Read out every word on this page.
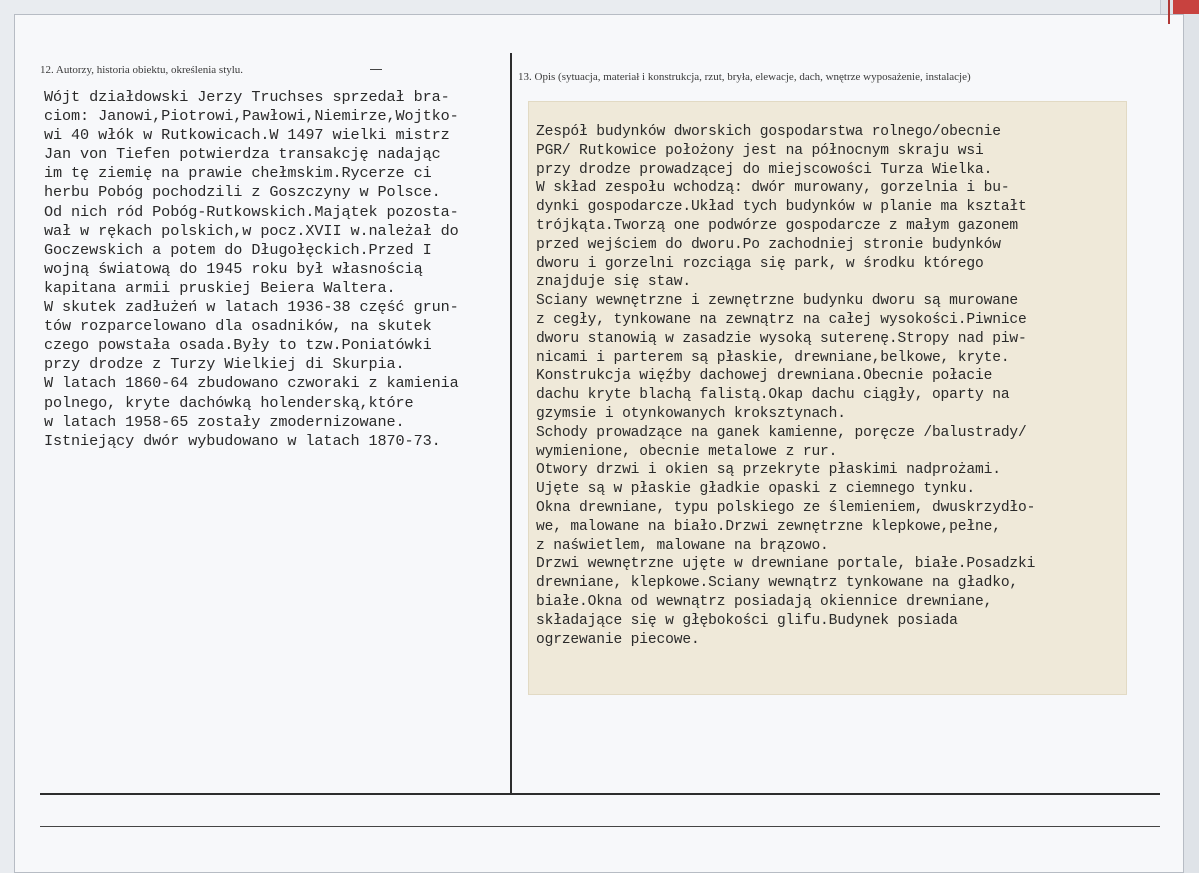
12. Autorzy, historia obiektu, określenia stylu.
13. Opis (sytuacja, materiał i konstrukcja, rzut, bryła, elewacje, dach, wnętrze wyposażenie, instalacje)
Wójt działdowski Jerzy Truchses sprzedał bra-
ciom: Janowi,Piotrowi,Pawłowi,Niemirze,Wojtko-
wi 40 włók w Rutkowicach.W 1497 wielki mistrz
Jan von Tiefen potwierdza transakcję nadając
im tę ziemię na prawie chełmskim.Rycerze ci
herbu Pobóg pochodzili z Goszczyny w Polsce.
Od nich ród Pobóg-Rutkowskich.Majątek pozosta-
wał w rękach polskich,w pocz.XVII w.należał do
Goczewskich a potem do Długołęckich.Przed I
wojną światową do 1945 roku był własnością
kapitana armii pruskiej Beiera Waltera.
W skutek zadłużeń w latach 1936-38 część grun-
tów rozparcelowano dla osadników, na skutek
czego powstała osada.Były to tzw.Poniatówki
przy drodze z Turzy Wielkiej di Skurpia.
W latach 1860-64 zbudowano czworaki z kamienia
polnego, kryte dachówką holenderską,które
w latach 1958-65 zostały zmodernizowane.
Istniejący dwór wybudowano w latach 1870-73.
Zespół budynków dworskich gospodarstwa rolnego/obecnie
PGR/ Rutkowice położony jest na północnym skraju wsi
przy drodze prowadzącej do miejscowości Turza Wielka.
W skład zespołu wchodzą: dwór murowany, gorzelnia i bu-
dynki gospodarcze.Układ tych budynków w planie ma kształt
trójkąta.Tworzą one podwórze gospodarcze z małym gazonem
przed wejściem do dworu.Po zachodniej stronie budynków
dworu i gorzelni rozciąga się park, w środku którego
znajduje się staw.
Sciany wewnętrzne i zewnętrzne budynku dworu są murowane
z cegły, tynkowane na zewnątrz na całej wysokości.Piwnice
dworu stanowią w zasadzie wysoką suterenę.Stropy nad piw-
nicami i parterem są płaskie, drewniane,belkowe, kryte.
Konstrukcja więźby dachowej drewniana.Obecnie połacie
dachu kryte blachą falistą.Okap dachu ciągły, oparty na
gzymsie i otynkowanych kroksztynach.
Schody prowadzące na ganek kamienne, poręcze /balustrady/
wymienione, obecnie metalowe z rur.
Otwory drzwi i okien są przekryte płaskimi nadprożami.
Ujęte są w płaskie gładkie opaski z ciemnego tynku.
Okna drewniane, typu polskiego ze ślemieniem, dwuskrzydło-
we, malowane na biało.Drzwi zewnętrzne klepkowe,pełne,
z naświetlem, malowane na brązowo.
Drzwi wewnętrzne ujęte w drewniane portale, białe.Posadzki
drewniane, klepkowe.Sciany wewnątrz tynkowane na gładko,
białe.Okna od wewnątrz posiadają okiennice drewniane,
składające się w głębokości glifu.Budynek posiada
ogrzewanie piecowe.
